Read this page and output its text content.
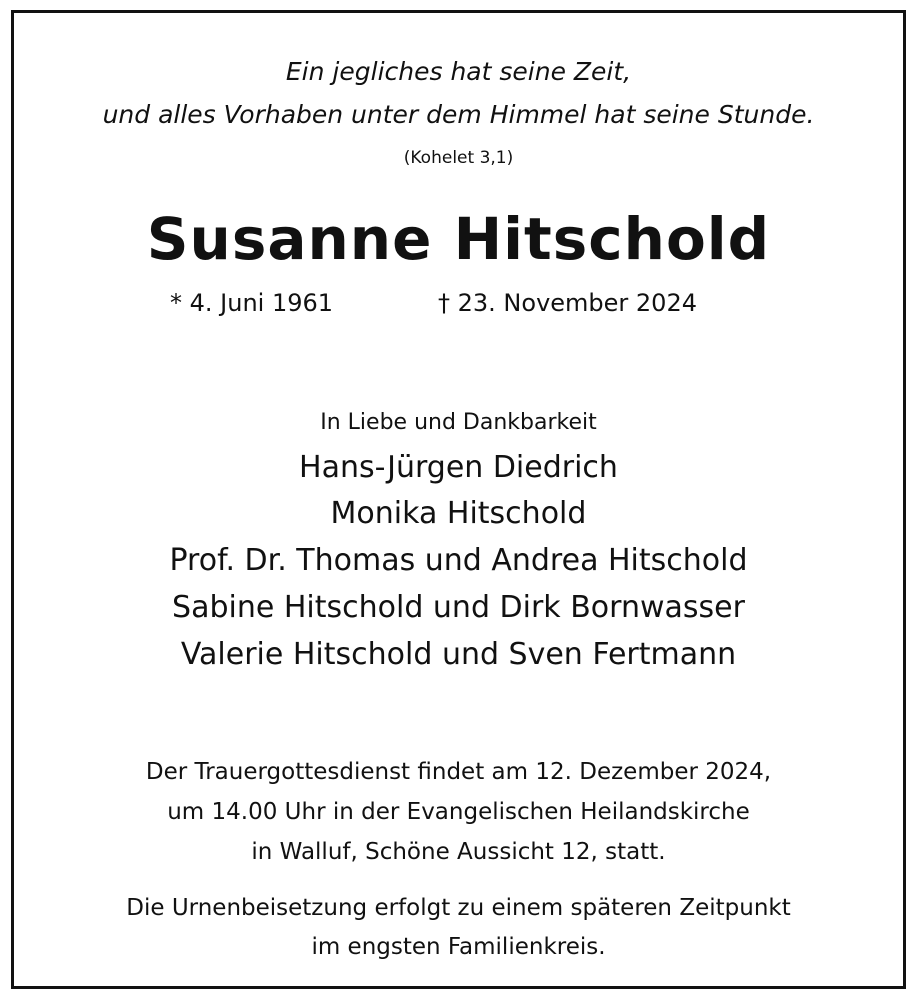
Ein jegliches hat seine Zeit,
und alles Vorhaben unter dem Himmel hat seine Stunde.
(Kohelet 3,1)
Susanne Hitschold
* 4. Juni 1961	† 23. November 2024
In Liebe und Dankbarkeit
Hans-Jürgen Diedrich
Monika Hitschold
Prof. Dr. Thomas und Andrea Hitschold
Sabine Hitschold und Dirk Bornwasser
Valerie Hitschold und Sven Fertmann
Der Trauergottesdienst findet am 12. Dezember 2024,
um 14.00 Uhr in der Evangelischen Heilandskirche
in Walluf, Schöne Aussicht 12, statt.
Die Urnenbeisetzung erfolgt zu einem späteren Zeitpunkt
im engsten Familienkreis.
